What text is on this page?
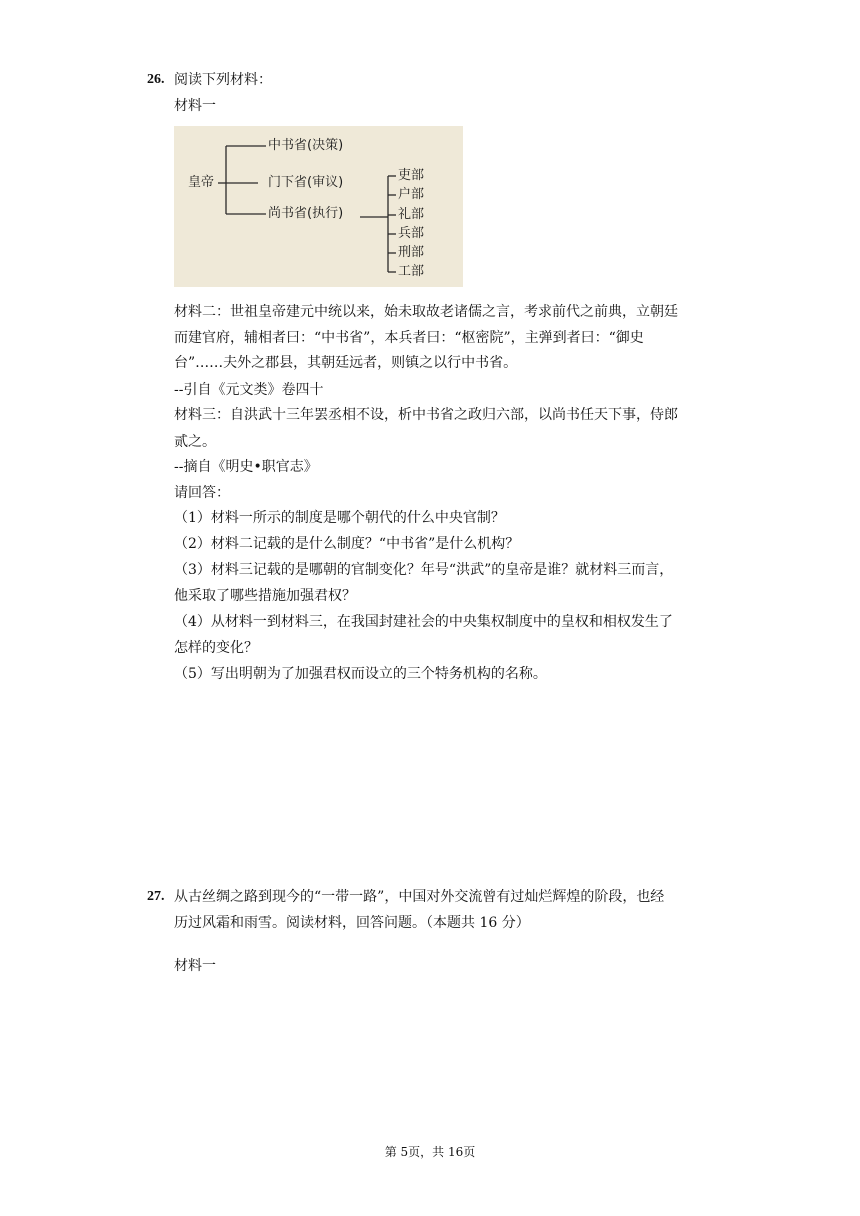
26. 阅读下列材料：
材料一
皇帝
中书省(决策)
门下省(审议)
尚书省(执行)
吏部
户部
礼部
兵部
刑部
工部
材料二：世祖皇帝建元中统以来，始未取故老诸儒之言，考求前代之前典，立朝廷
而建官府，辅相者曰：“中书省”，本兵者曰：“枢密院”，主弹到者曰：“御史
台”……夫外之郡县，其朝廷远者，则镇之以行中书省。
--引自《元文类》卷四十
材料三：自洪武十三年罢丞相不设，析中书省之政归六部，以尚书任天下事，侍郎
贰之。
--摘自《明史•职官志》
请回答：
（1）材料一所示的制度是哪个朝代的什么中央官制？
（2）材料二记载的是什么制度？“中书省”是什么机构？
（3）材料三记载的是哪朝的官制变化？年号“洪武”的皇帝是谁？就材料三而言，
他采取了哪些措施加强君权？
（4）从材料一到材料三，在我国封建社会的中央集权制度中的皇权和相权发生了
怎样的变化？
（5）写出明朝为了加强君权而设立的三个特务机构的名称。
27. 从古丝绸之路到现今的“一带一路”，中国对外交流曾有过灿烂辉煌的阶段，也经
历过风霜和雨雪。阅读材料，回答问题。（本题共 16 分）
材料一
第 5页，共 16页
